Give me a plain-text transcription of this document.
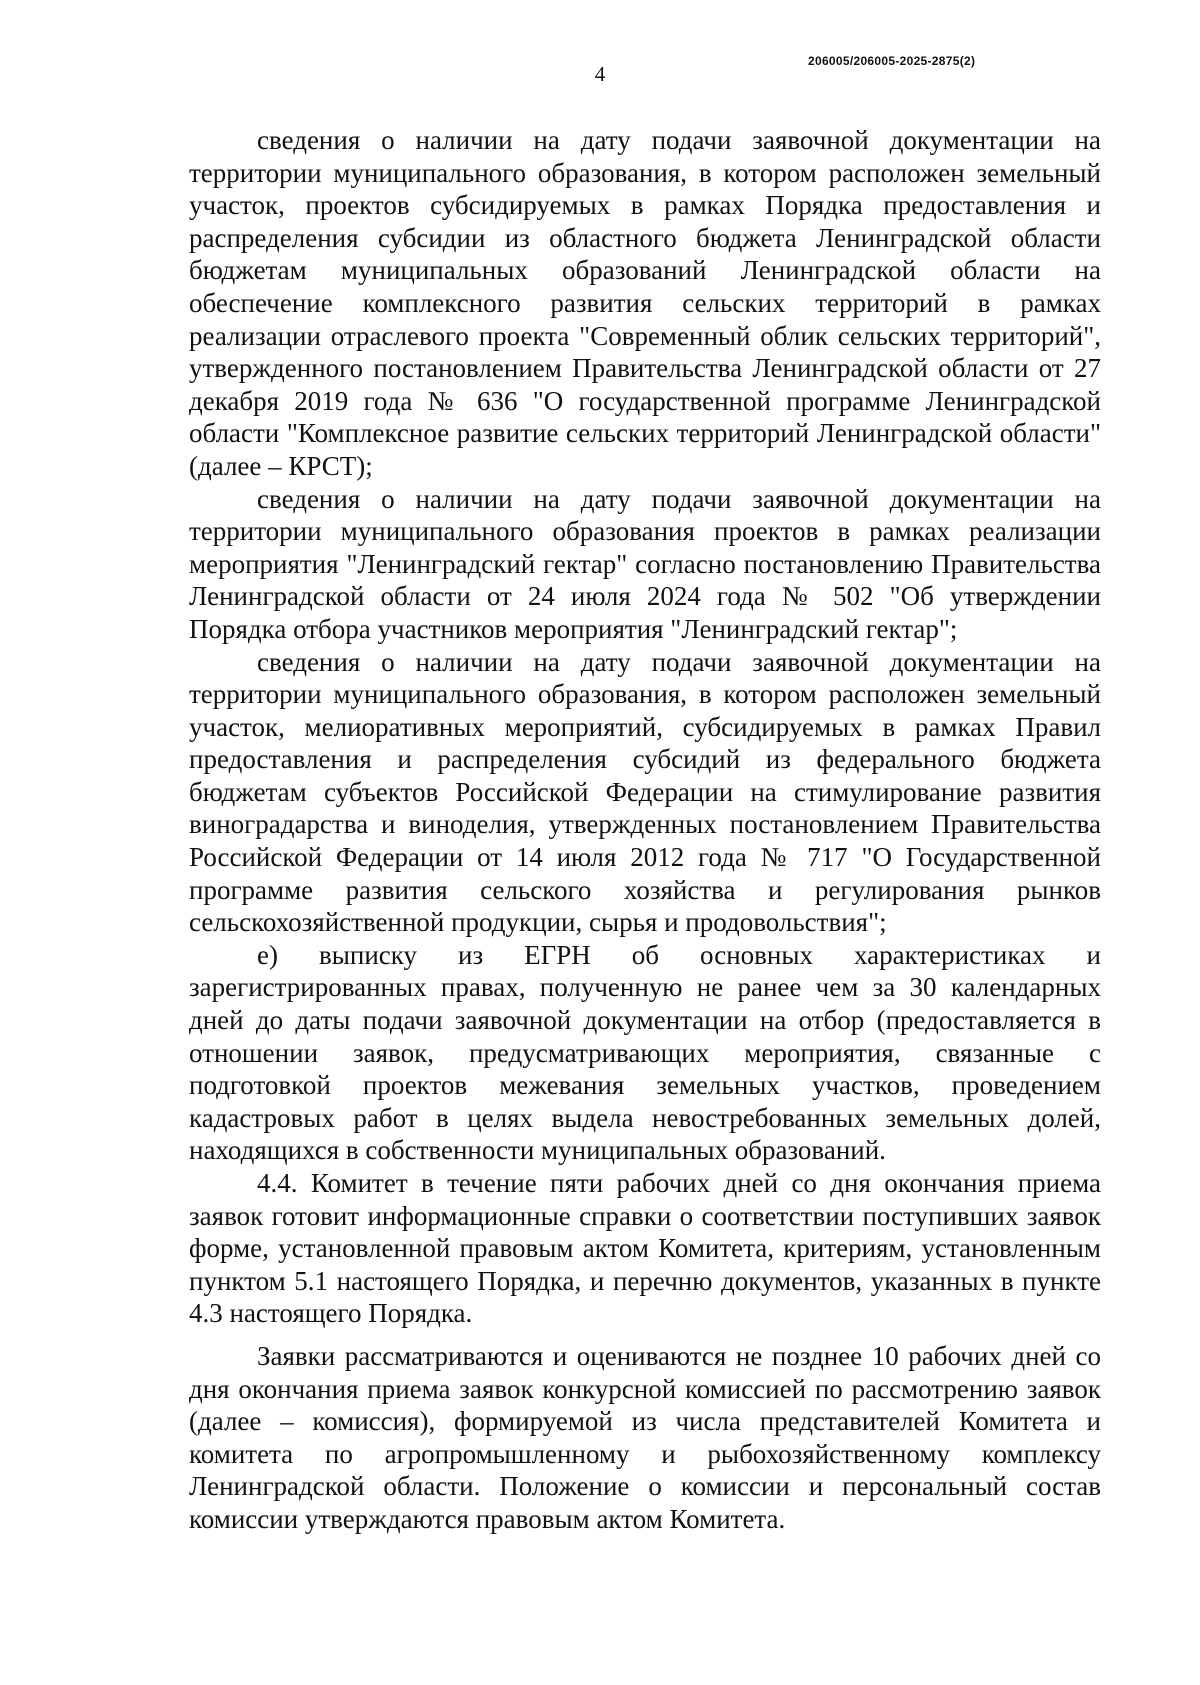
4
206005/206005-2025-2875(2)

сведения о наличии на дату подачи заявочной документации на территории муниципального образования, в котором расположен земельный участок, проектов субсидируемых в рамках Порядка предоставления и распределения субсидии из областного бюджета Ленинградской области бюджетам муниципальных образований Ленинградской области на обеспечение комплексного развития сельских территорий в рамках реализации отраслевого проекта "Современный облик сельских территорий", утвержденного постановлением Правительства Ленинградской области от 27 декабря 2019 года № 636 "О государственной программе Ленинградской области "Комплексное развитие сельских территорий Ленинградской области" (далее – КРСТ);

сведения о наличии на дату подачи заявочной документации на территории муниципального образования проектов в рамках реализации мероприятия "Ленинградский гектар" согласно постановлению Правительства Ленинградской области от 24 июля 2024 года № 502 "Об утверждении Порядка отбора участников мероприятия "Ленинградский гектар";

сведения о наличии на дату подачи заявочной документации на территории муниципального образования, в котором расположен земельный участок, мелиоративных мероприятий, субсидируемых в рамках Правил предоставления и распределения субсидий из федерального бюджета бюджетам субъектов Российской Федерации на стимулирование развития виноградарства и виноделия, утвержденных постановлением Правительства Российской Федерации от 14 июля 2012 года № 717 "О Государственной программе развития сельского хозяйства и регулирования рынков сельскохозяйственной продукции, сырья и продовольствия";

е) выписку из ЕГРН об основных характеристиках и зарегистрированных правах, полученную не ранее чем за 30 календарных дней до даты подачи заявочной документации на отбор (предоставляется в отношении заявок, предусматривающих мероприятия, связанные с подготовкой проектов межевания земельных участков, проведением кадастровых работ в целях выдела невостребованных земельных долей, находящихся в собственности муниципальных образований.

4.4. Комитет в течение пяти рабочих дней со дня окончания приема заявок готовит информационные справки о соответствии поступивших заявок форме, установленной правовым актом Комитета, критериям, установленным пунктом 5.1 настоящего Порядка, и перечню документов, указанных в пункте 4.3 настоящего Порядка.

Заявки рассматриваются и оцениваются не позднее 10 рабочих дней со дня окончания приема заявок конкурсной комиссией по рассмотрению заявок (далее – комиссия), формируемой из числа представителей Комитета и комитета по агропромышленному и рыбохозяйственному комплексу Ленинградской области. Положение о комиссии и персональный состав комиссии утверждаются правовым актом Комитета.
